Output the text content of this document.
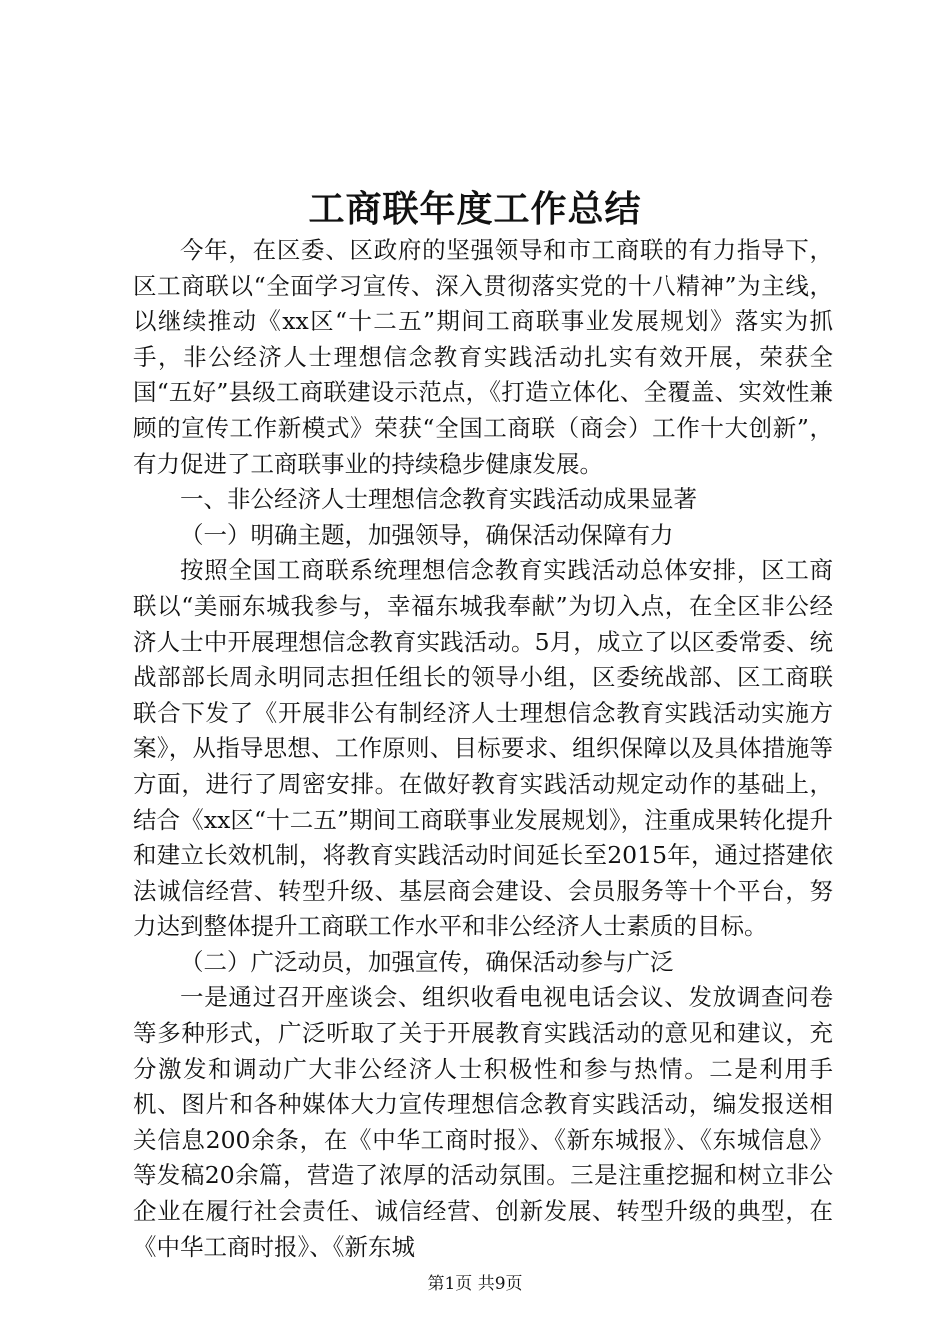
工商联年度工作总结

今年，在区委、区政府的坚强领导和市工商联的有力指导下，区工商联以“全面学习宣传、深入贯彻落实党的十八精神”为主线，以继续推动《xx区“十二五”期间工商联事业发展规划》落实为抓手，非公经济人士理想信念教育实践活动扎实有效开展，荣获全国“五好”县级工商联建设示范点，《打造立体化、全覆盖、实效性兼顾的宣传工作新模式》荣获“全国工商联（商会）工作十大创新”，有力促进了工商联事业的持续稳步健康发展。

一、非公经济人士理想信念教育实践活动成果显著

（一）明确主题，加强领导，确保活动保障有力

按照全国工商联系统理想信念教育实践活动总体安排，区工商联以“美丽东城我参与，幸福东城我奉献”为切入点，在全区非公经济人士中开展理想信念教育实践活动。5月，成立了以区委常委、统战部部长周永明同志担任组长的领导小组，区委统战部、区工商联联合下发了《开展非公有制经济人士理想信念教育实践活动实施方案》，从指导思想、工作原则、目标要求、组织保障以及具体措施等方面，进行了周密安排。在做好教育实践活动规定动作的基础上，结合《xx区“十二五”期间工商联事业发展规划》，注重成果转化提升和建立长效机制，将教育实践活动时间延长至2015年，通过搭建依法诚信经营、转型升级、基层商会建设、会员服务等十个平台，努力达到整体提升工商联工作水平和非公经济人士素质的目标。

（二）广泛动员，加强宣传，确保活动参与广泛

一是通过召开座谈会、组织收看电视电话会议、发放调查问卷等多种形式，广泛听取了关于开展教育实践活动的意见和建议，充分激发和调动广大非公经济人士积极性和参与热情。二是利用手机、图片和各种媒体大力宣传理想信念教育实践活动，编发报送相关信息200余条，在《中华工商时报》、《新东城报》、《东城信息》等发稿20余篇，营造了浓厚的活动氛围。三是注重挖掘和树立非公企业在履行社会责任、诚信经营、创新发展、转型升级的典型，在《中华工商时报》、《新东城

第1页 共9页
